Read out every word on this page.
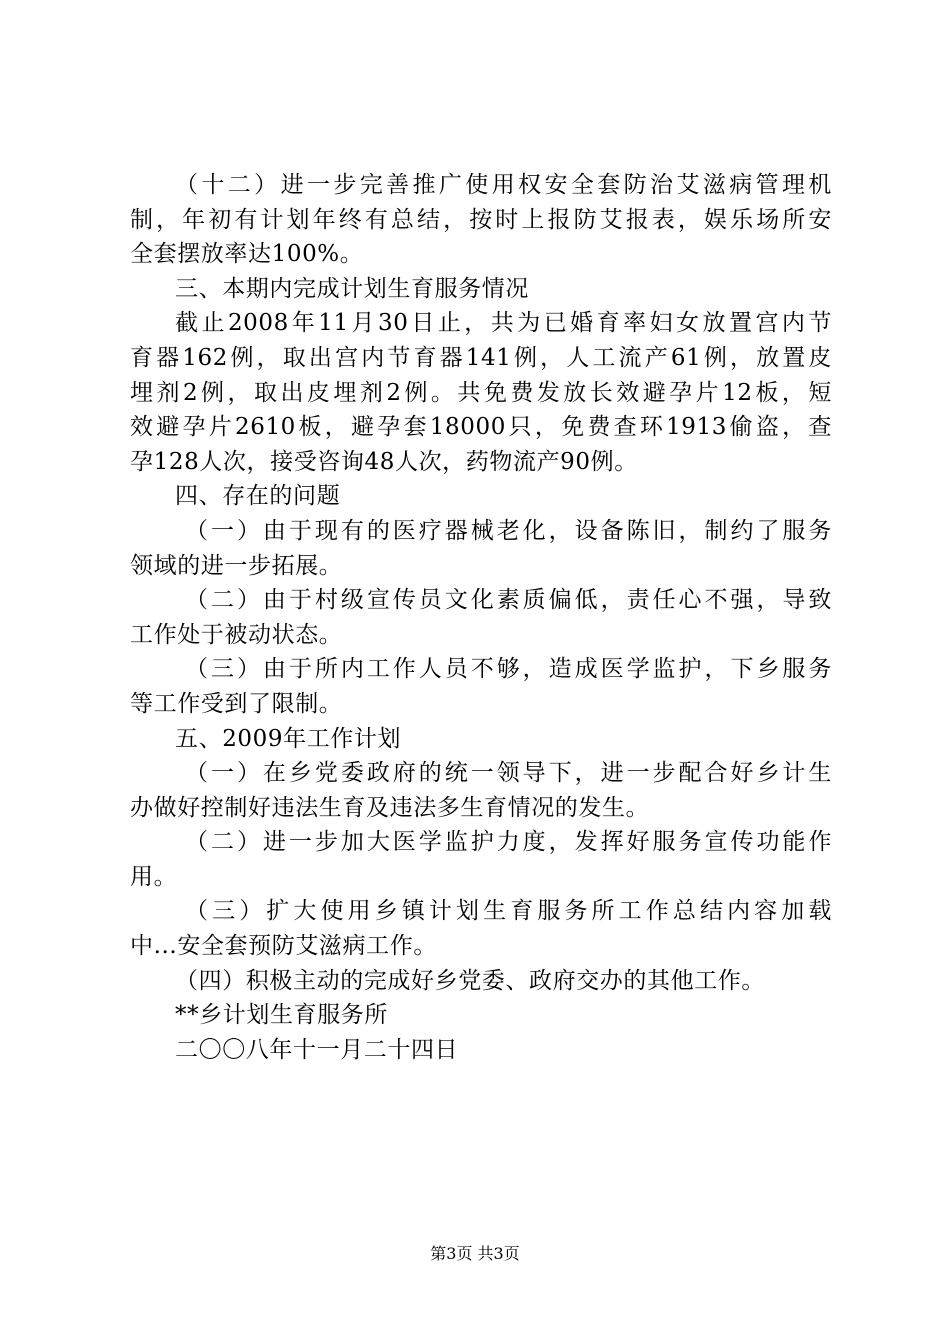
（十二）进一步完善推广使用权安全套防治艾滋病管理机
制，年初有计划年终有总结，按时上报防艾报表，娱乐场所安
全套摆放率达100%。
三、本期内完成计划生育服务情况
截止2008年11月30日止，共为已婚育率妇女放置宫内节
育器162例，取出宫内节育器141例，人工流产61例，放置皮
埋剂2例，取出皮埋剂2例。共免费发放长效避孕片12板，短
效避孕片2610板，避孕套18000只，免费查环1913偷盗，查
孕128人次，接受咨询48人次，药物流产90例。
四、存在的问题
（一）由于现有的医疗器械老化，设备陈旧，制约了服务
领域的进一步拓展。
（二）由于村级宣传员文化素质偏低，责任心不强，导致
工作处于被动状态。
（三）由于所内工作人员不够，造成医学监护，下乡服务
等工作受到了限制。
五、2009年工作计划
（一）在乡党委政府的统一领导下，进一步配合好乡计生
办做好控制好违法生育及违法多生育情况的发生。
（二）进一步加大医学监护力度，发挥好服务宣传功能作
用。
（三）扩大使用乡镇计划生育服务所工作总结内容加载
中...安全套预防艾滋病工作。
（四）积极主动的完成好乡党委、政府交办的其他工作。
**乡计划生育服务所
二〇〇八年十一月二十四日
第3页 共3页
